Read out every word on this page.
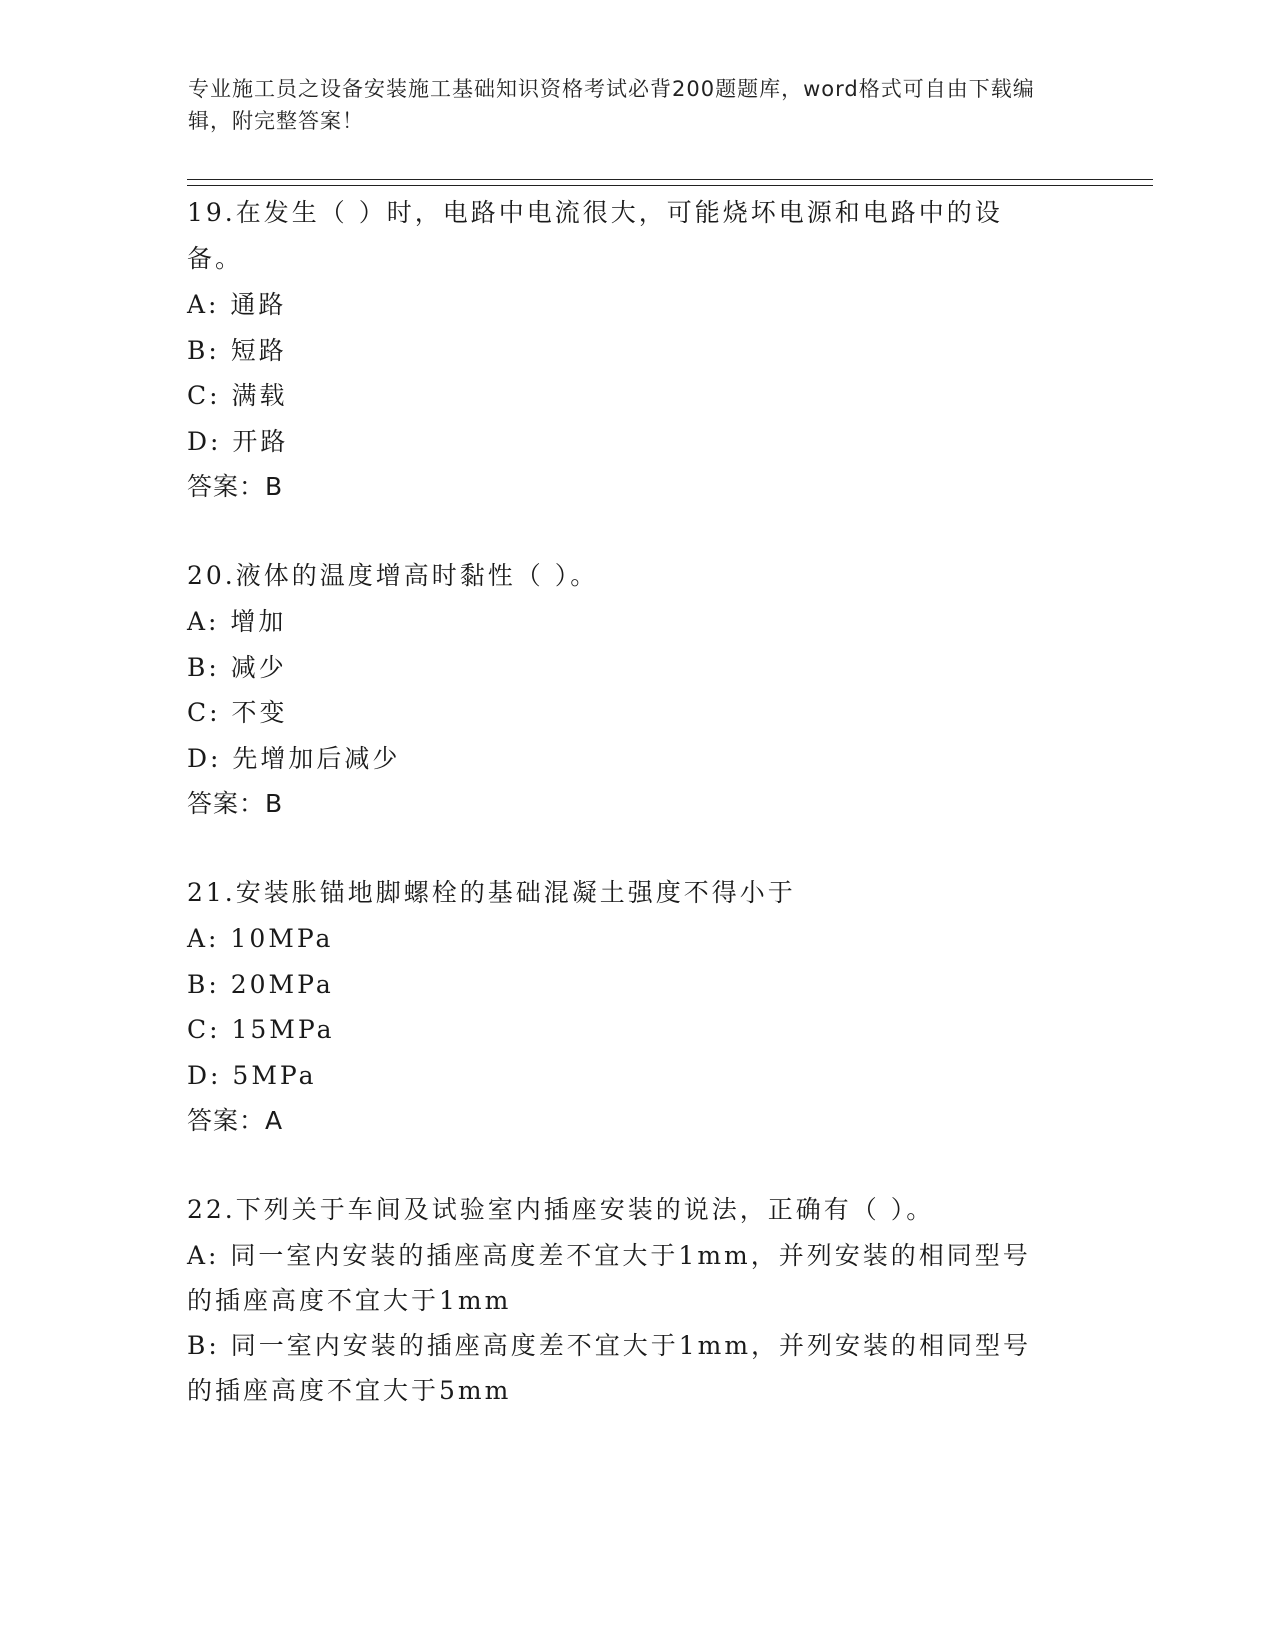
专业施工员之设备安装施工基础知识资格考试必背200题题库，word格式可自由下载编辑，附完整答案！

19.在发生（ ）时，电路中电流很大，可能烧坏电源和电路中的设备。

A: 通路

B: 短路

C: 满载

D: 开路

答案：B

20.液体的温度增高时黏性（ ）。

A: 增加

B: 减少

C: 不变

D: 先增加后减少

答案：B

21.安装胀锚地脚螺栓的基础混凝土强度不得小于

A: 10MPa

B: 20MPa

C: 15MPa

D: 5MPa

答案：A

22.下列关于车间及试验室内插座安装的说法，正确有（ ）。

A: 同一室内安装的插座高度差不宜大于1mm，并列安装的相同型号的插座高度不宜大于1mm

B: 同一室内安装的插座高度差不宜大于1mm，并列安装的相同型号的插座高度不宜大于5mm
